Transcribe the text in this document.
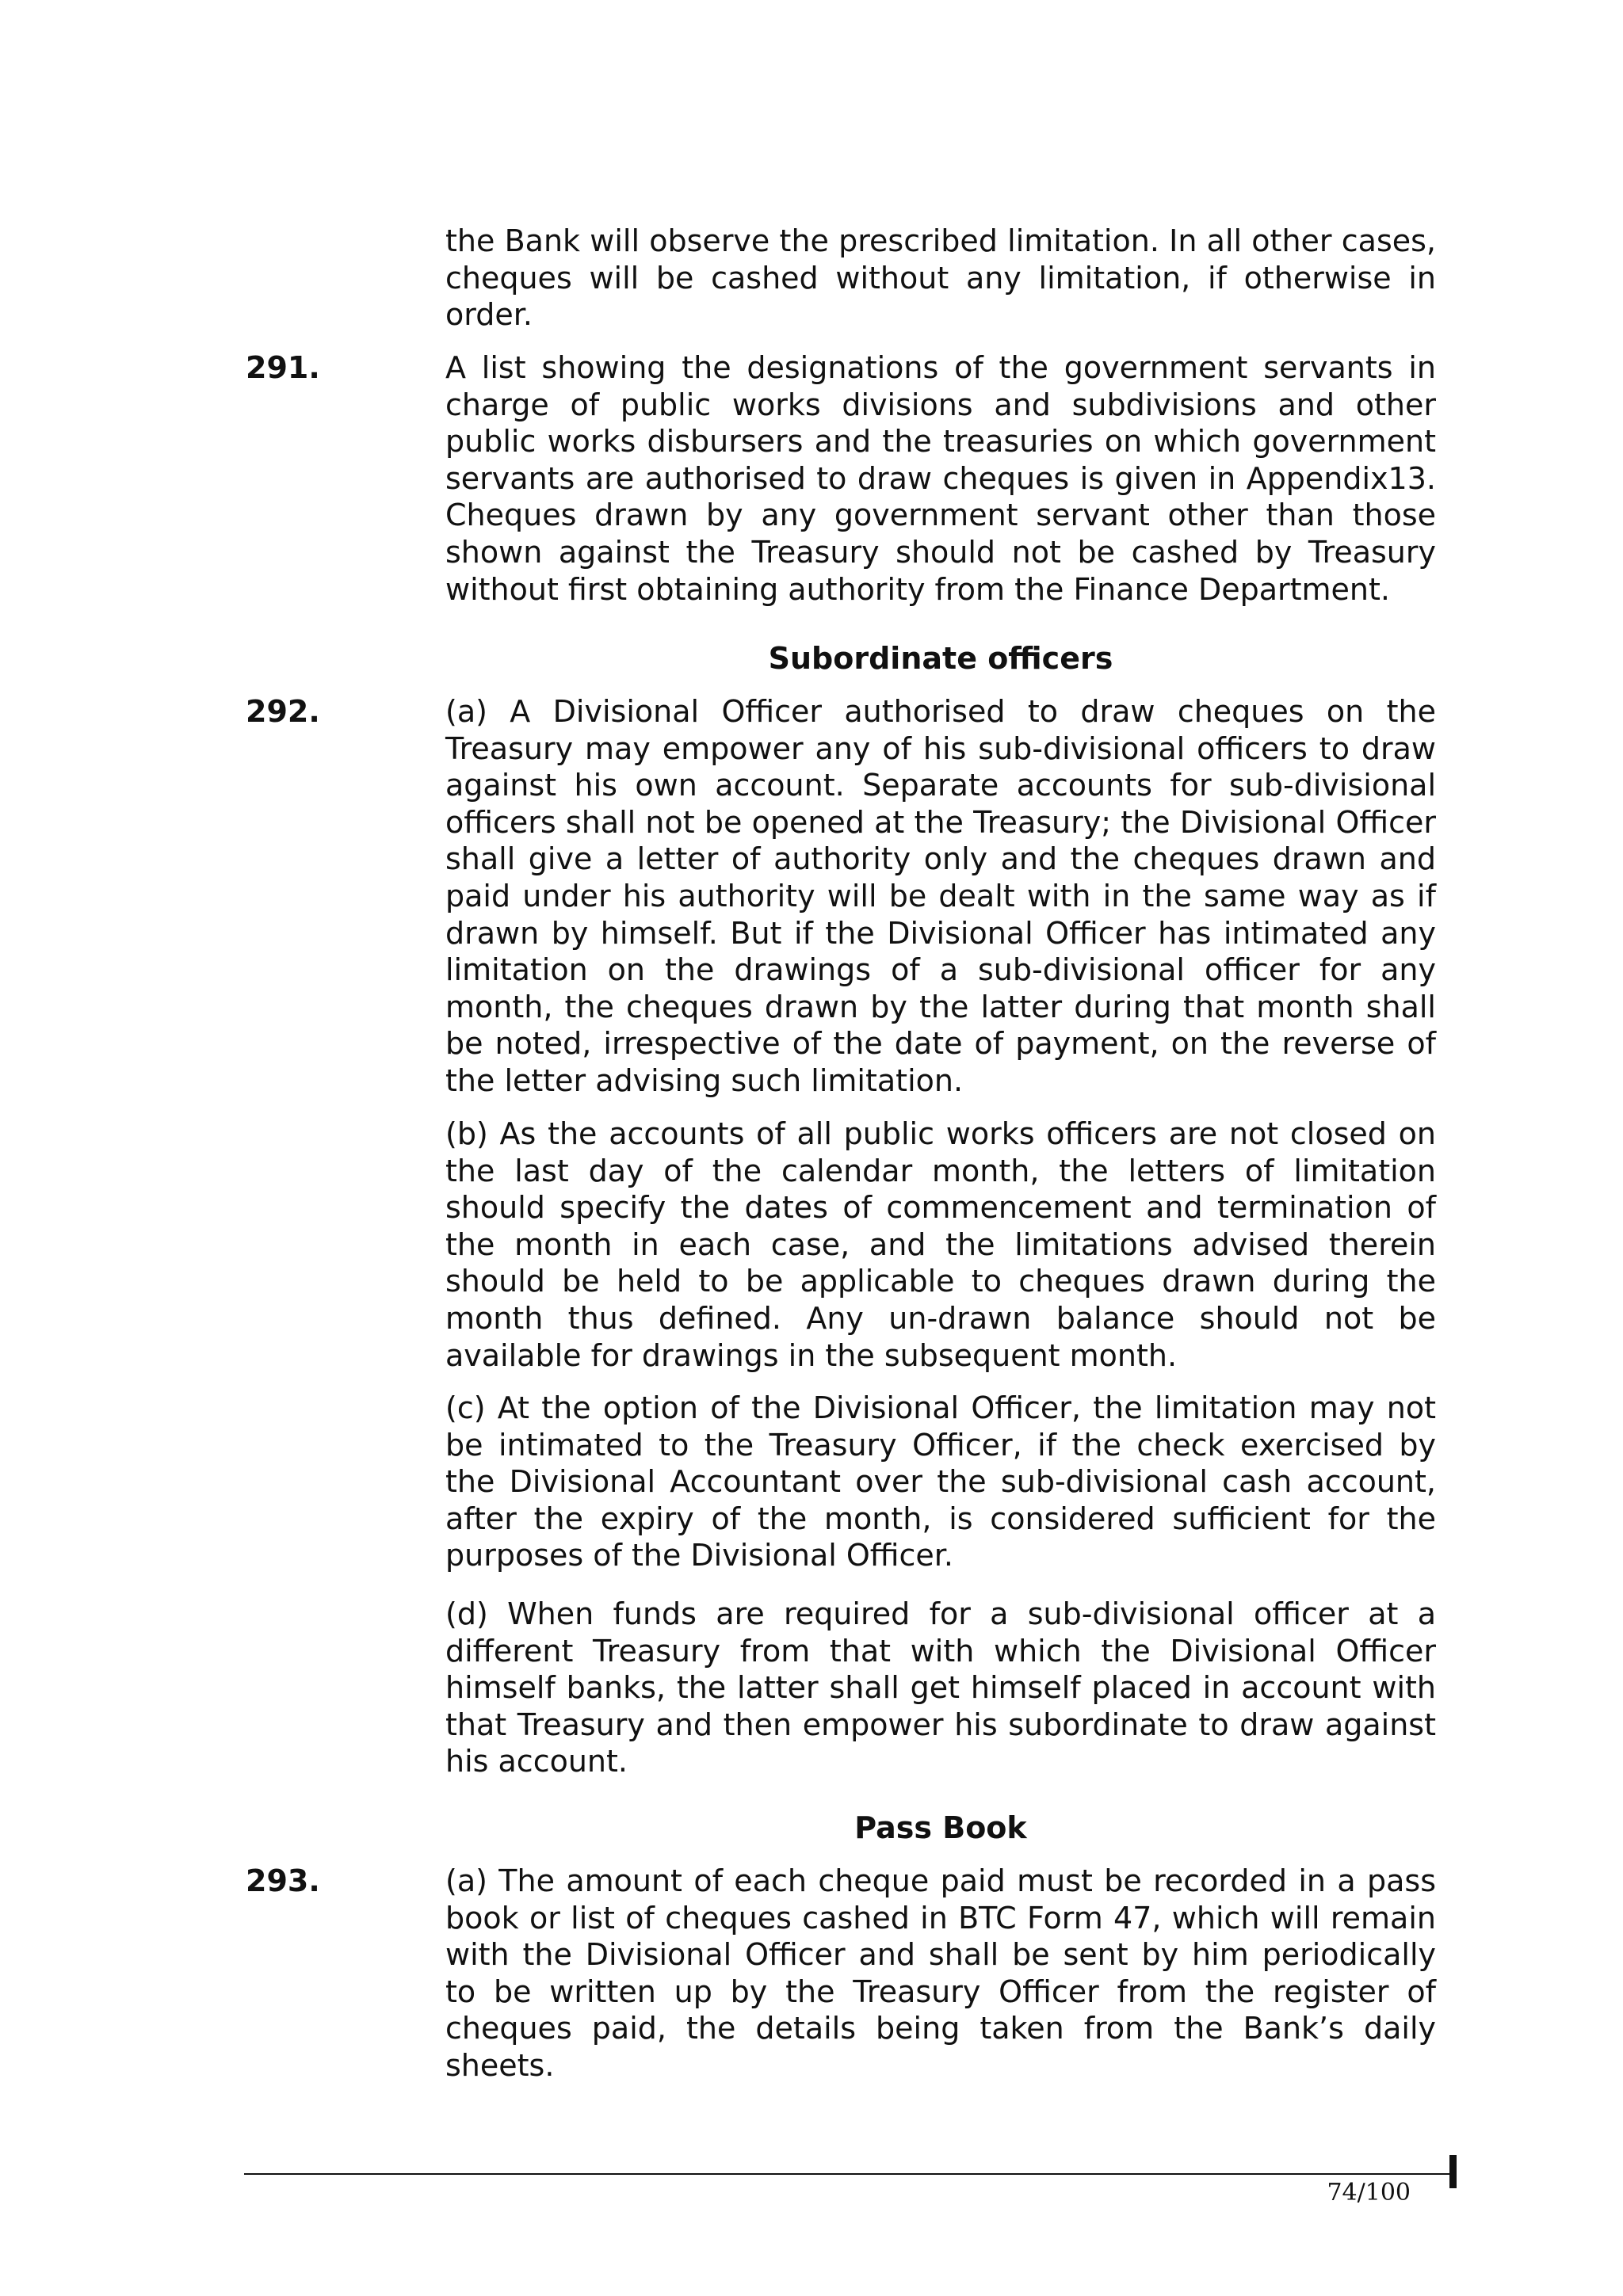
the Bank will observe the prescribed limitation. In all other cases, cheques will be cashed without any limitation, if otherwise in order.

291.	A list showing the designations of the government servants in charge of public works divisions and subdivisions and other public works disbursers and the treasuries on which government servants are authorised to draw cheques is given in Appendix13. Cheques drawn by any government servant other than those shown against the Treasury should not be cashed by Treasury without first obtaining authority from the Finance Department.

Subordinate officers

292.	(a) A Divisional Officer authorised to draw cheques on the Treasury may empower any of his sub-divisional officers to draw against his own account. Separate accounts for sub-divisional officers shall not be opened at the Treasury; the Divisional Officer shall give a letter of authority only and the cheques drawn and paid under his authority will be dealt with in the same way as if drawn by himself. But if the Divisional Officer has intimated any limitation on the drawings of a sub-divisional officer for any month, the cheques drawn by the latter during that month shall be noted, irrespective of the date of payment, on the reverse of the letter advising such limitation.

(b) As the accounts of all public works officers are not closed on the last day of the calendar month, the letters of limitation should specify the dates of commencement and termination of the month in each case, and the limitations advised therein should be held to be applicable to cheques drawn during the month thus defined. Any un-drawn balance should not be available for drawings in the subsequent month.

(c) At the option of the Divisional Officer, the limitation may not be intimated to the Treasury Officer, if the check exercised by the Divisional Accountant over the sub-divisional cash account, after the expiry of the month, is considered sufficient for the purposes of the Divisional Officer.

(d) When funds are required for a sub-divisional officer at a different Treasury from that with which the Divisional Officer himself banks, the latter shall get himself placed in account with that Treasury and then empower his subordinate to draw against his account.

Pass Book

293.	(a) The amount of each cheque paid must be recorded in a pass book or list of cheques cashed in BTC Form 47, which will remain with the Divisional Officer and shall be sent by him periodically to be written up by the Treasury Officer from the register of cheques paid, the details being taken from the Bank’s daily sheets.

74/100
